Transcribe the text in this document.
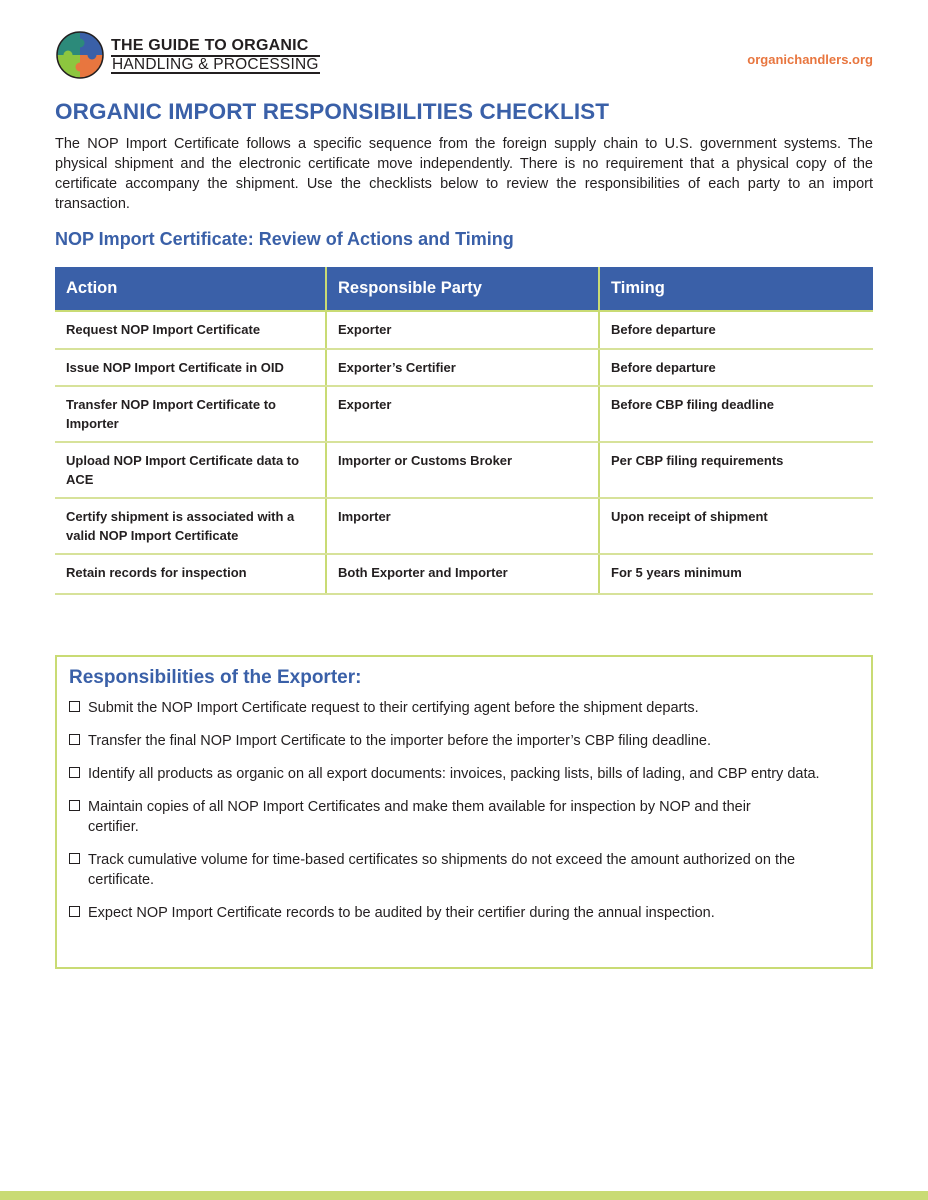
THE GUIDE TO ORGANIC
HANDLING & PROCESSING	organichandlers.org
ORGANIC IMPORT RESPONSIBILITIES CHECKLIST

The NOP Import Certificate follows a specific sequence from the foreign supply chain to U.S. government systems. The physical shipment and the electronic certificate move independently. There is no requirement that a physical copy of the certificate accompany the shipment. Use the checklists below to review the responsibilities of each party to an import transaction.

NOP Import Certificate: Review of Actions and Timing
Action	Responsible Party	Timing
Request NOP Import Certificate	Exporter	Before departure
Issue NOP Import Certificate in OID	Exporter’s Certifier	Before departure
Transfer NOP Import Certificate to Importer	Exporter	Before CBP filing deadline
Upload NOP Import Certificate data to ACE	Importer or Customs Broker	Per CBP filing requirements
Certify shipment is associated with a valid NOP Import Certificate	Importer	Upon receipt of shipment
Retain records for inspection	Both Exporter and Importer	For 5 years minimum
Responsibilities of the Exporter:
Submit the NOP Import Certificate request to their certifying agent before the shipment departs.
Transfer the final NOP Import Certificate to the importer before the importer’s CBP filing deadline.
Identify all products as organic on all export documents: invoices, packing lists, bills of lading, and CBP entry data.
Maintain copies of all NOP Import Certificates and make them available for inspection by NOP and their certifier.
Track cumulative volume for time-based certificates so shipments do not exceed the amount authorized on the certificate.
Expect NOP Import Certificate records to be audited by their certifier during the annual inspection.
